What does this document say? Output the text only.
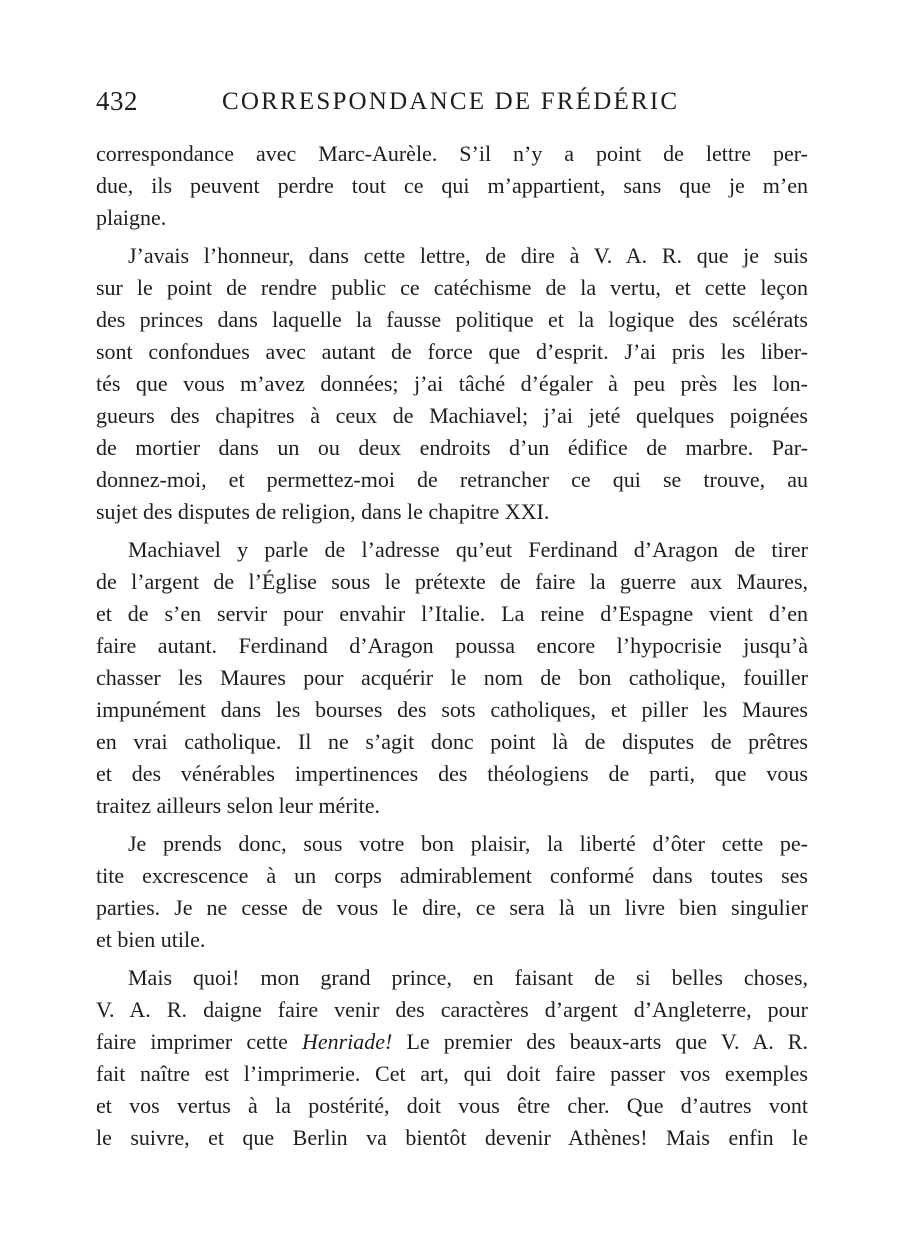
432	CORRESPONDANCE DE FRÉDÉRIC
correspondance avec Marc-Aurèle. S’il n’y a point de lettre per-
due, ils peuvent perdre tout ce qui m’appartient, sans que je m’en
plaigne.
J’avais l’honneur, dans cette lettre, de dire à V. A. R. que je suis
sur le point de rendre public ce catéchisme de la vertu, et cette leçon
des princes dans laquelle la fausse politique et la logique des scélérats
sont confondues avec autant de force que d’esprit. J’ai pris les liber-
tés que vous m’avez données; j’ai tâché d’égaler à peu près les lon-
gueurs des chapitres à ceux de Machiavel; j’ai jeté quelques poignées
de mortier dans un ou deux endroits d’un édifice de marbre. Par-
donnez-moi, et permettez-moi de retrancher ce qui se trouve, au
sujet des disputes de religion, dans le chapitre XXI.
Machiavel y parle de l’adresse qu’eut Ferdinand d’Aragon de tirer
de l’argent de l’Église sous le prétexte de faire la guerre aux Maures,
et de s’en servir pour envahir l’Italie. La reine d’Espagne vient d’en
faire autant. Ferdinand d’Aragon poussa encore l’hypocrisie jusqu’à
chasser les Maures pour acquérir le nom de bon catholique, fouiller
impunément dans les bourses des sots catholiques, et piller les Maures
en vrai catholique. Il ne s’agit donc point là de disputes de prêtres
et des vénérables impertinences des théologiens de parti, que vous
traitez ailleurs selon leur mérite.
Je prends donc, sous votre bon plaisir, la liberté d’ôter cette pe-
tite excrescence à un corps admirablement conformé dans toutes ses
parties. Je ne cesse de vous le dire, ce sera là un livre bien singulier
et bien utile.
Mais quoi! mon grand prince, en faisant de si belles choses,
V. A. R. daigne faire venir des caractères d’argent d’Angleterre, pour
faire imprimer cette Henriade! Le premier des beaux-arts que V. A. R.
fait naître est l’imprimerie. Cet art, qui doit faire passer vos exemples
et vos vertus à la postérité, doit vous être cher. Que d’autres vont
le suivre, et que Berlin va bientôt devenir Athènes! Mais enfin le
